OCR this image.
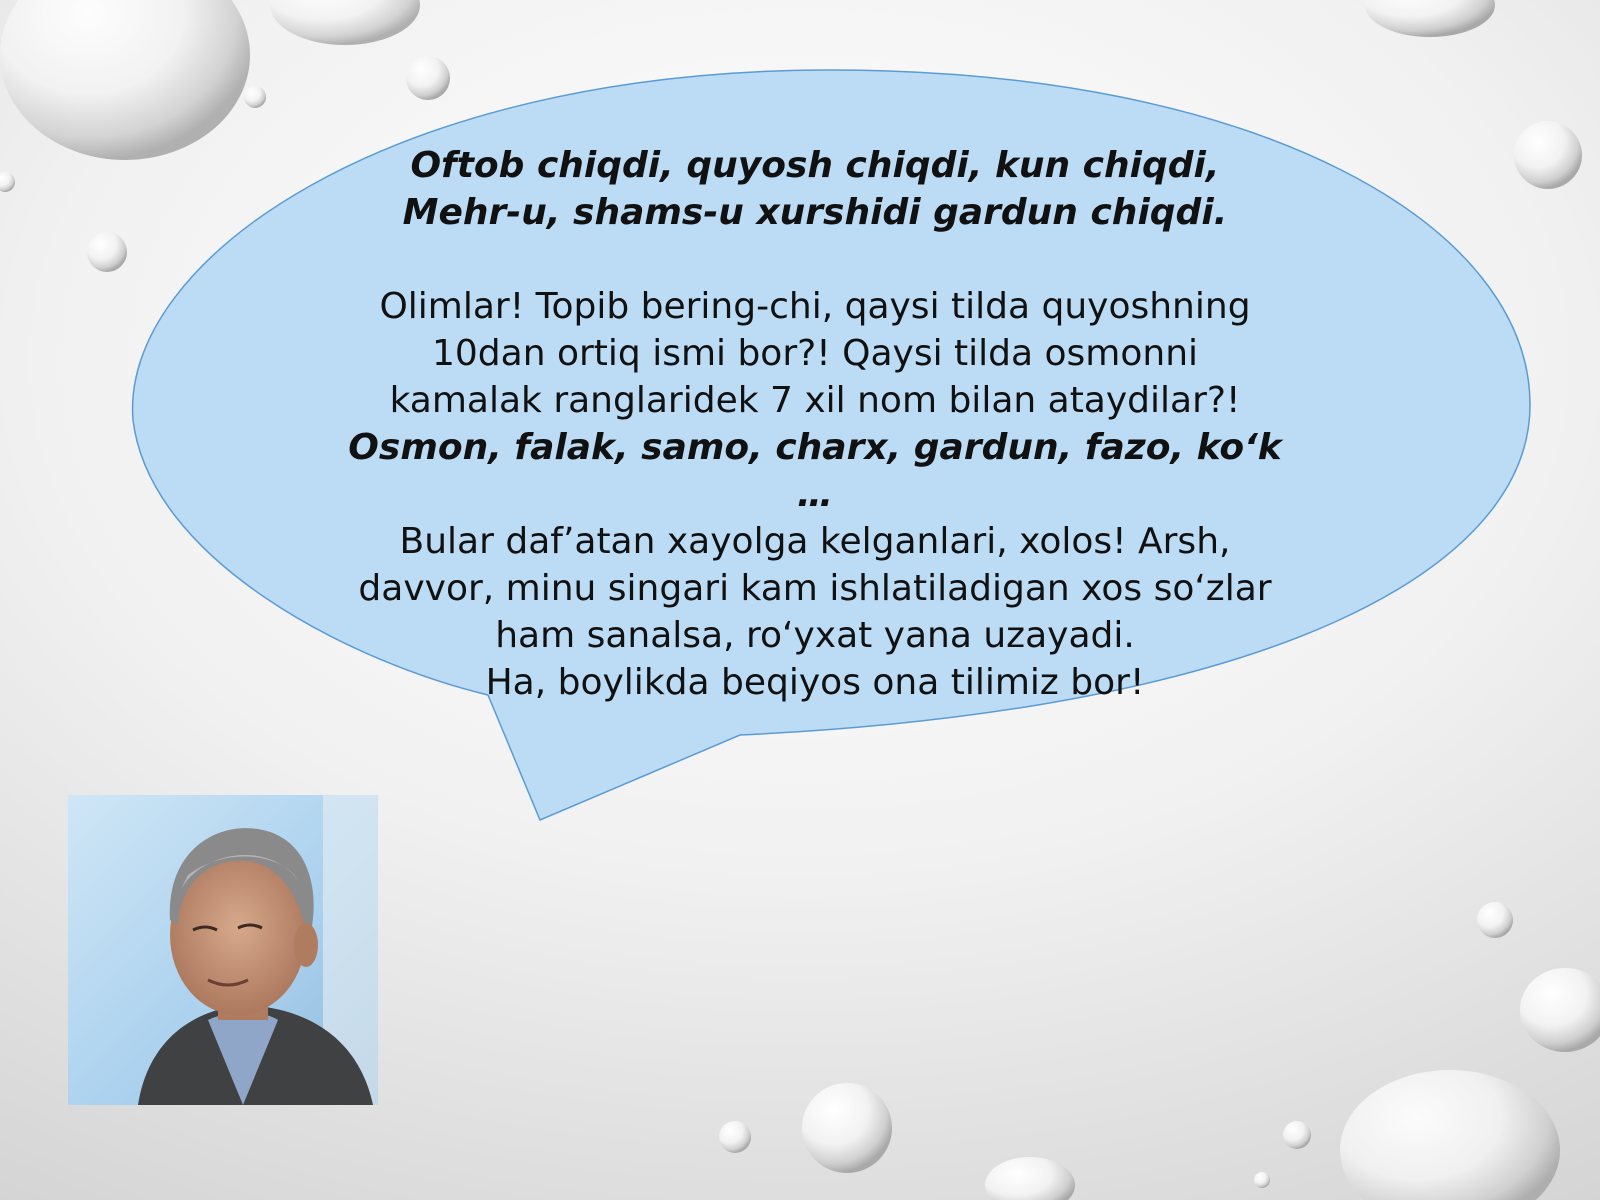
Oftob chiqdi, quyosh chiqdi, kun chiqdi,
Mehr-u, shams-u xurshidi gardun chiqdi.
Olimlar! Topib bering-chi, qaysi tilda quyoshning
10dan ortiq ismi bor?! Qaysi tilda osmonni
kamalak ranglaridek 7 xil nom bilan ataydilar?!
Osmon, falak, samo, charx, gardun, fazo, ko‘k …
Bular daf’atan xayolga kelganlari, xolos! Arsh,
davvor, minu singari kam ishlatiladigan xos so‘zlar
ham sanalsa, ro‘yxat yana uzayadi.
Ha, boylikda beqiyos ona tilimiz bor!
